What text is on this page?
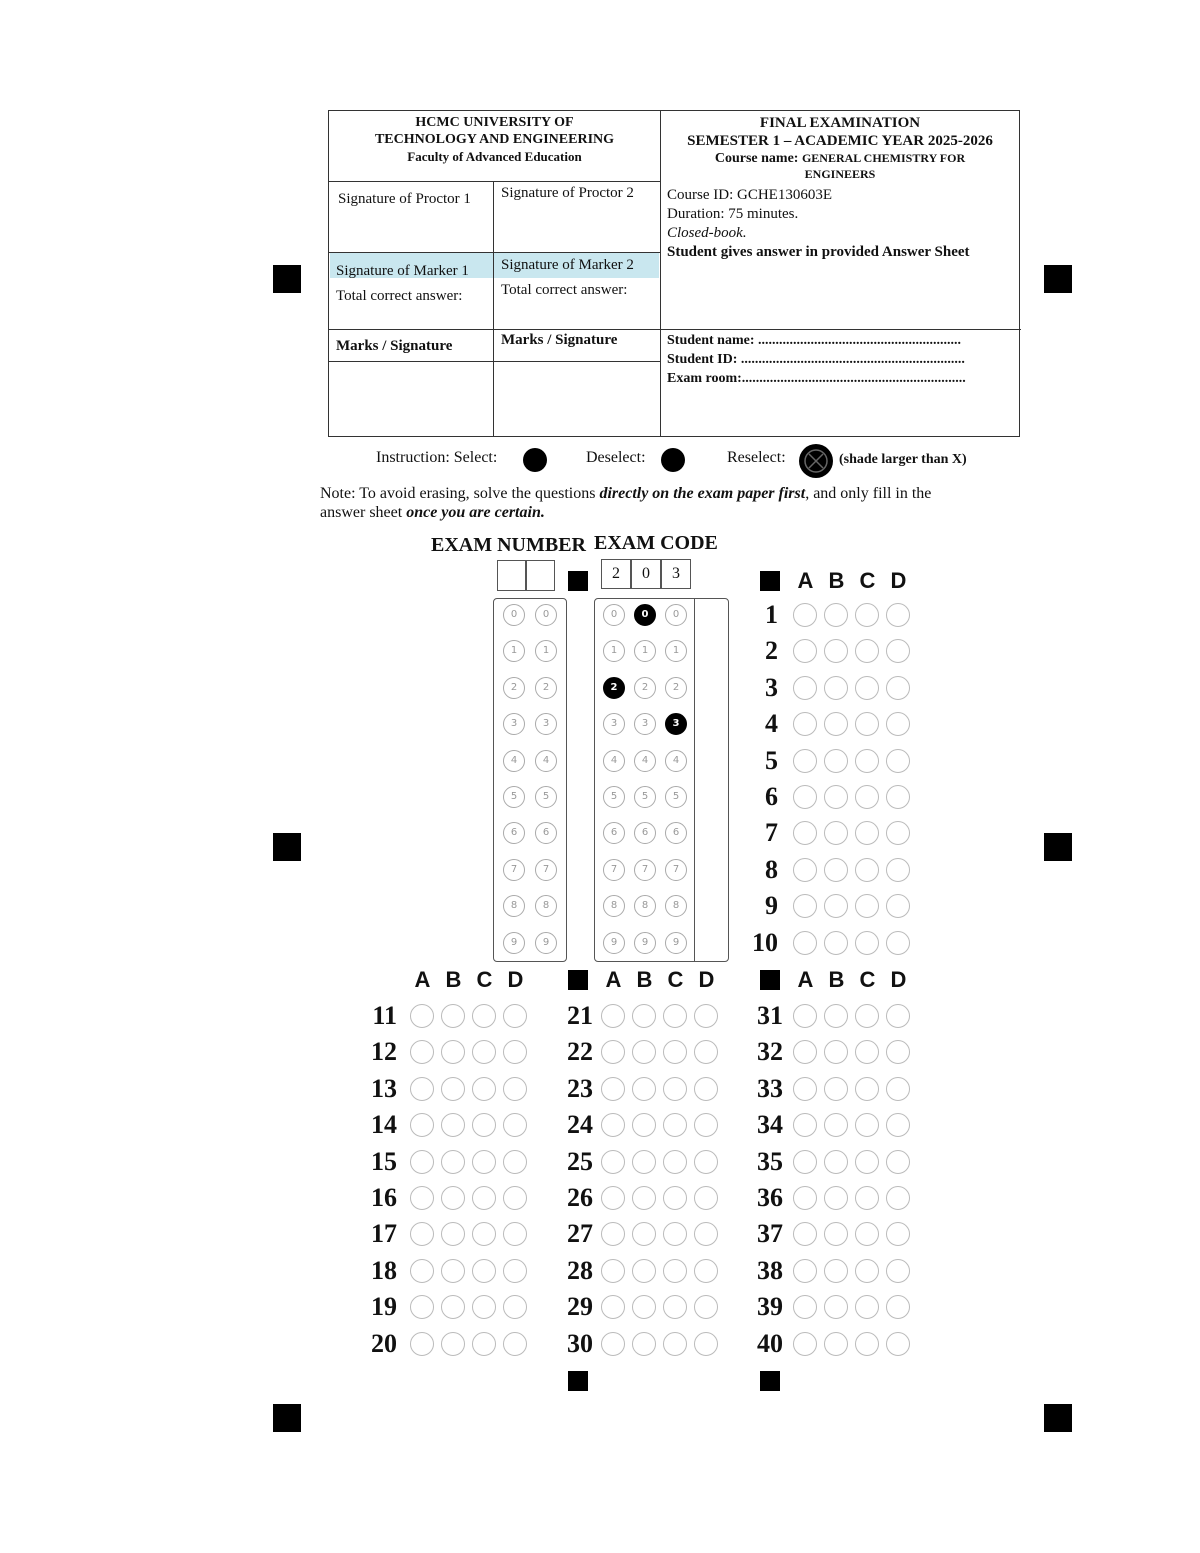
HCMC UNIVERSITY OF
TECHNOLOGY AND ENGINEERING
Faculty of Advanced Education
FINAL EXAMINATION
SEMESTER 1 – ACADEMIC YEAR 2025-2026
Course name: GENERAL CHEMISTRY FOR
ENGINEERS
Course ID: GCHE130603E
Duration: 75 minutes.
Closed-book.
Student gives answer in provided Answer Sheet
Signature of Proctor 1 Signature of Proctor 2
Signature of Marker 1 Signature of Marker 2
Total correct answer:	Total correct answer:
Marks / Signature	Marks / Signature	Student name: ..........................................................
Student ID: ................................................................
Exam room:................................................................
Instruction: Select:	Deselect:	Reselect:	(shade larger than X)
Note: To avoid erasing, solve the questions directly on the exam paper first, and only fill in the
answer sheet once you are certain.
EXAM NUMBER EXAM CODE
2	0	3
0	0	0	0	0
1	1	1	1	1
2	2	2	2	2
3	3	3	3	3
4	4	4	4	4
5	5	5	5	5
6	6	6	6	6
7	7	7	7	7
8	8	8	8	8
9	9	9	9	9
A B C D
1
2
3
4
5
6
7
8
9
10
A B C D
11
12
13
14
15
16
17
18
19
20
A B C D
21
22
23
24
25
26
27
28
29
30
A B C D
31
32
33
34
35
36
37
38
39
40
